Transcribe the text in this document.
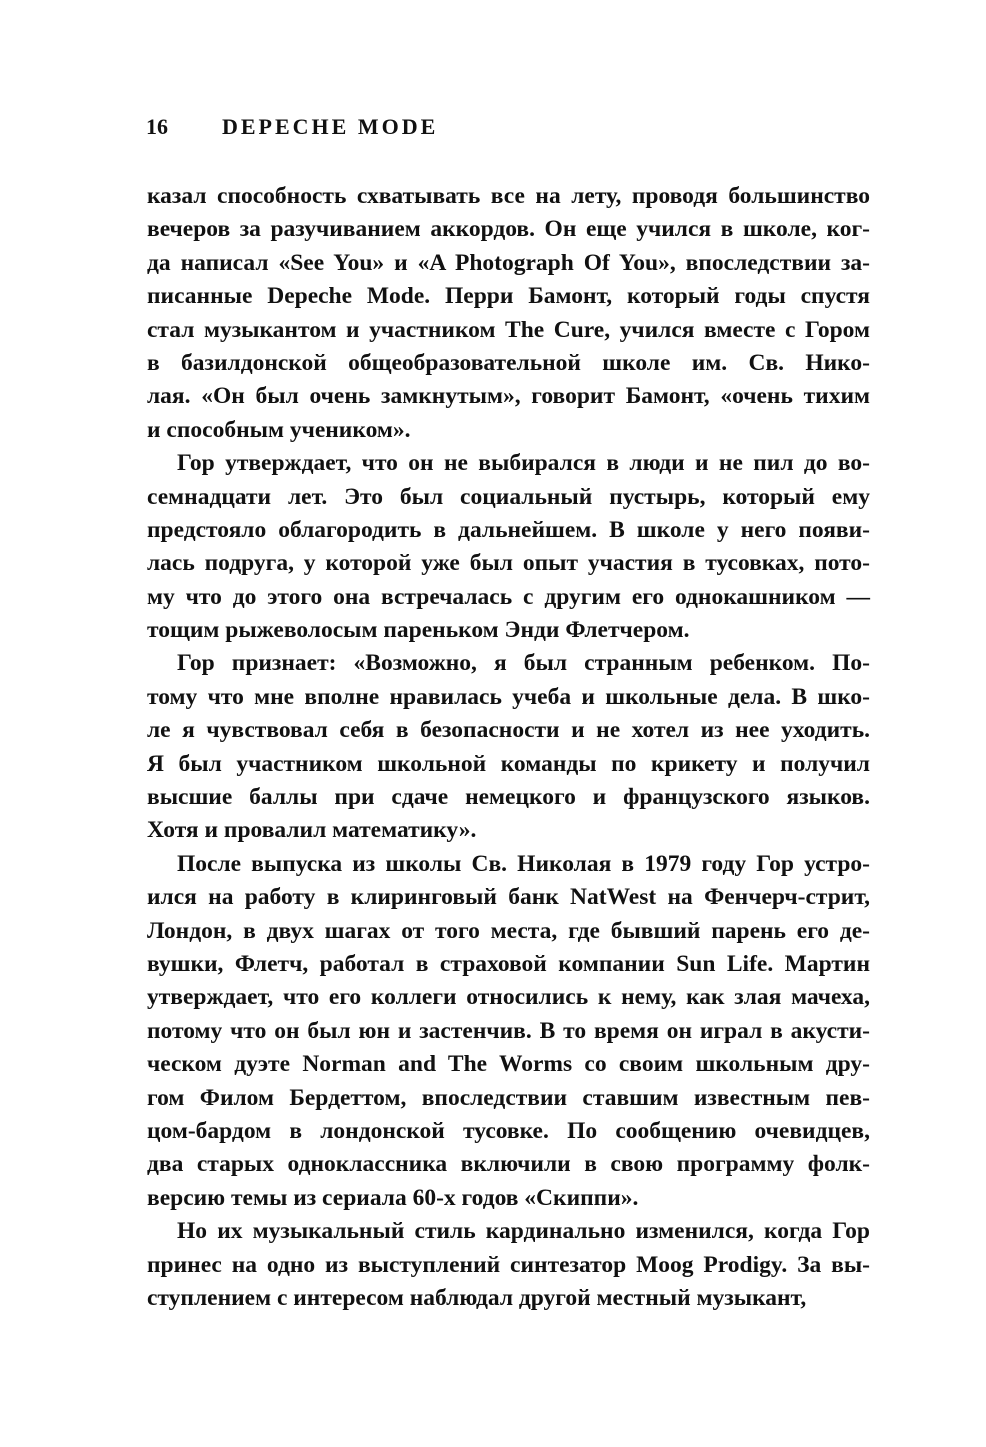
16 DEPECHE MODE
казал способность схватывать все на лету, проводя большинство
вечеров за разучиванием аккордов. Он еще учился в школе, ког-
да написал «See You» и «A Photograph Of You», впоследствии за-
писанные Depeche Mode. Перри Бамонт, который годы спустя
стал музыкантом и участником The Cure, учился вместе с Гором
в базилдонской общеобразовательной школе им. Св. Нико-
лая. «Он был очень замкнутым», говорит Бамонт, «очень тихим
и способным учеником».
Гор утверждает, что он не выбирался в люди и не пил до во-
семнадцати лет. Это был социальный пустырь, который ему
предстояло облагородить в дальнейшем. В школе у него появи-
лась подруга, у которой уже был опыт участия в тусовках, пото-
му что до этого она встречалась с другим его однокашником —
тощим рыжеволосым пареньком Энди Флетчером.
Гор признает: «Возможно, я был странным ребенком. По-
тому что мне вполне нравилась учеба и школьные дела. В шко-
ле я чувствовал себя в безопасности и не хотел из нее уходить.
Я был участником школьной команды по крикету и получил
высшие баллы при сдаче немецкого и французского языков.
Хотя и провалил математику».
После выпуска из школы Св. Николая в 1979 году Гор устро-
ился на работу в клиринговый банк NatWest на Фенчерч-стрит,
Лондон, в двух шагах от того места, где бывший парень его де-
вушки, Флетч, работал в страховой компании Sun Life. Мартин
утверждает, что его коллеги относились к нему, как злая мачеха,
потому что он был юн и застенчив. В то время он играл в акусти-
ческом дуэте Norman and The Worms со своим школьным дру-
гом Филом Бердеттом, впоследствии ставшим известным пев-
цом-бардом в лондонской тусовке. По сообщению очевидцев,
два старых одноклассника включили в свою программу фолк-
версию темы из сериала 60-х годов «Скиппи».
Но их музыкальный стиль кардинально изменился, когда Гор
принес на одно из выступлений синтезатор Moog Prodigy. За вы-
ступлением с интересом наблюдал другой местный музыкант,
